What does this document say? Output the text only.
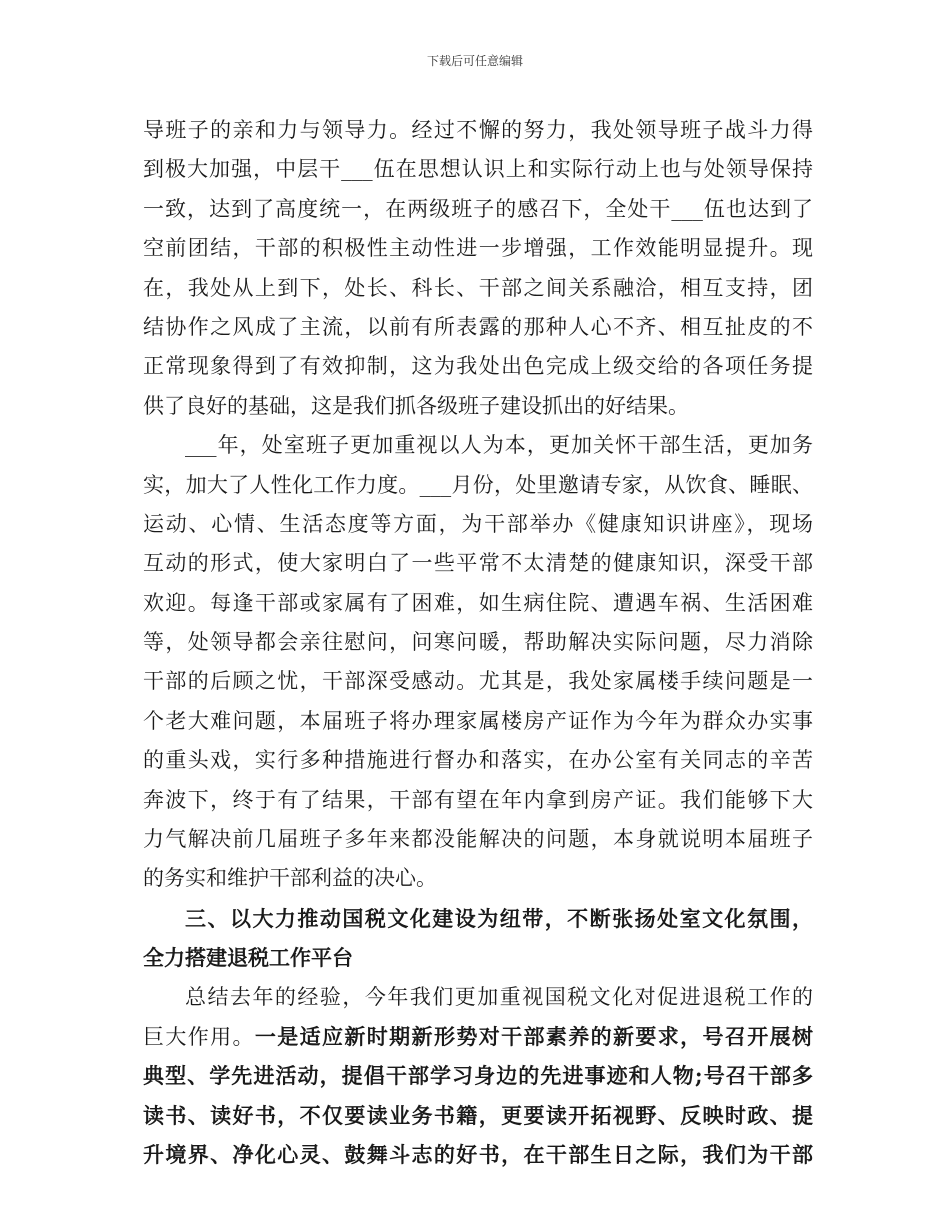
下载后可任意编辑
导班子的亲和力与领导力。经过不懈的努力，我处领导班子战斗力得
到极大加强，中层干___伍在思想认识上和实际行动上也与处领导保持
一致，达到了高度统一，在两级班子的感召下，全处干___伍也达到了
空前团结，干部的积极性主动性进一步增强，工作效能明显提升。现
在，我处从上到下，处长、科长、干部之间关系融洽，相互支持，团
结协作之风成了主流，以前有所表露的那种人心不齐、相互扯皮的不
正常现象得到了有效抑制，这为我处出色完成上级交给的各项任务提
供了良好的基础，这是我们抓各级班子建设抓出的好结果。
___年，处室班子更加重视以人为本，更加关怀干部生活，更加务
实，加大了人性化工作力度。___月份，处里邀请专家，从饮食、睡眠、
运动、心情、生活态度等方面，为干部举办《健康知识讲座》，现场
互动的形式，使大家明白了一些平常不太清楚的健康知识，深受干部
欢迎。每逢干部或家属有了困难，如生病住院、遭遇车祸、生活困难
等，处领导都会亲往慰问，问寒问暖，帮助解决实际问题，尽力消除
干部的后顾之忧，干部深受感动。尤其是，我处家属楼手续问题是一
个老大难问题，本届班子将办理家属楼房产证作为今年为群众办实事
的重头戏，实行多种措施进行督办和落实，在办公室有关同志的辛苦
奔波下，终于有了结果，干部有望在年内拿到房产证。我们能够下大
力气解决前几届班子多年来都没能解决的问题，本身就说明本届班子
的务实和维护干部利益的决心。
三、以大力推动国税文化建设为纽带，不断张扬处室文化氛围，
全力搭建退税工作平台
总结去年的经验，今年我们更加重视国税文化对促进退税工作的
巨大作用。一是适应新时期新形势对干部素养的新要求，号召开展树
典型、学先进活动，提倡干部学习身边的先进事迹和人物;号召干部多
读书、读好书，不仅要读业务书籍，更要读开拓视野、反映时政、提
升境界、净化心灵、鼓舞斗志的好书，在干部生日之际，我们为干部
